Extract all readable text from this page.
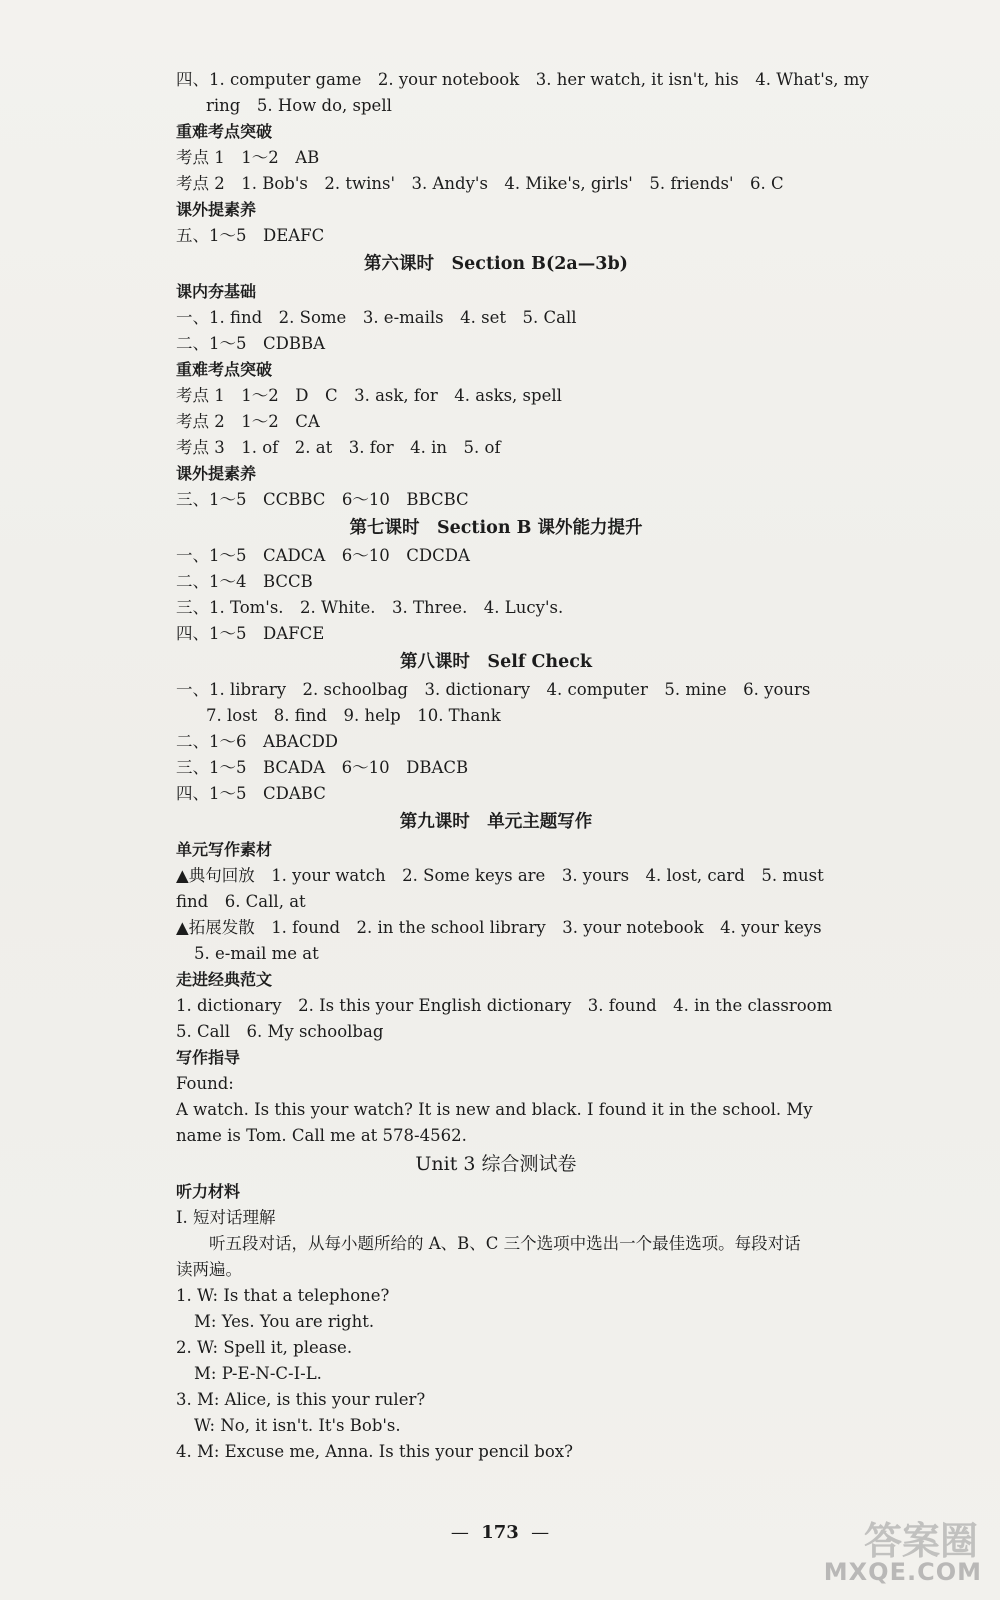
四、1. computer game　2. your notebook　3. her watch, it isn't, his　4. What's, my
ring　5. How do, spell
重难考点突破
考点 1　1～2　AB
考点 2　1. Bob's　2. twins'　3. Andy's　4. Mike's, girls'　5. friends'　6. C
课外提素养
五、1～5　DEAFC
第六课时　Section B(2a—3b)
课内夯基础
一、1. find　2. Some　3. e-mails　4. set　5. Call
二、1～5　CDBBA
重难考点突破
考点 1　1～2　D　C　3. ask, for　4. asks, spell
考点 2　1～2　CA
考点 3　1. of　2. at　3. for　4. in　5. of
课外提素养
三、1～5　CCBBC　6～10　BBCBC
第七课时　Section B 课外能力提升
一、1～5　CADCA　6～10　CDCDA
二、1～4　BCCB
三、1. Tom's.　2. White.　3. Three.　4. Lucy's.
四、1～5　DAFCE
第八课时　Self Check
一、1. library　2. schoolbag　3. dictionary　4. computer　5. mine　6. yours
7. lost　8. find　9. help　10. Thank
二、1～6　ABACDD
三、1～5　BCADA　6～10　DBACB
四、1～5　CDABC
第九课时　单元主题写作
单元写作素材
▲典句回放　1. your watch　2. Some keys are　3. yours　4. lost, card　5. must
find　6. Call, at
▲拓展发散　1. found　2. in the school library　3. your notebook　4. your keys
5. e-mail me at
走进经典范文
1. dictionary　2. Is this your English dictionary　3. found　4. in the classroom
5. Call　6. My schoolbag
写作指导
Found:
A watch. Is this your watch? It is new and black. I found it in the school. My name is Tom. Call me at 578-4562.
Unit 3 综合测试卷
听力材料
Ⅰ. 短对话理解
　　听五段对话，从每小题所给的 A、B、C 三个选项中选出一个最佳选项。每段对话读两遍。
1. W: Is that a telephone?
M: Yes. You are right.
2. W: Spell it, please.
M: P-E-N-C-I-L.
3. M: Alice, is this your ruler?
W: No, it isn't. It's Bob's.
4. M: Excuse me, Anna. Is this your pencil box?
— 173 —	答案圈
MXQE.COM
